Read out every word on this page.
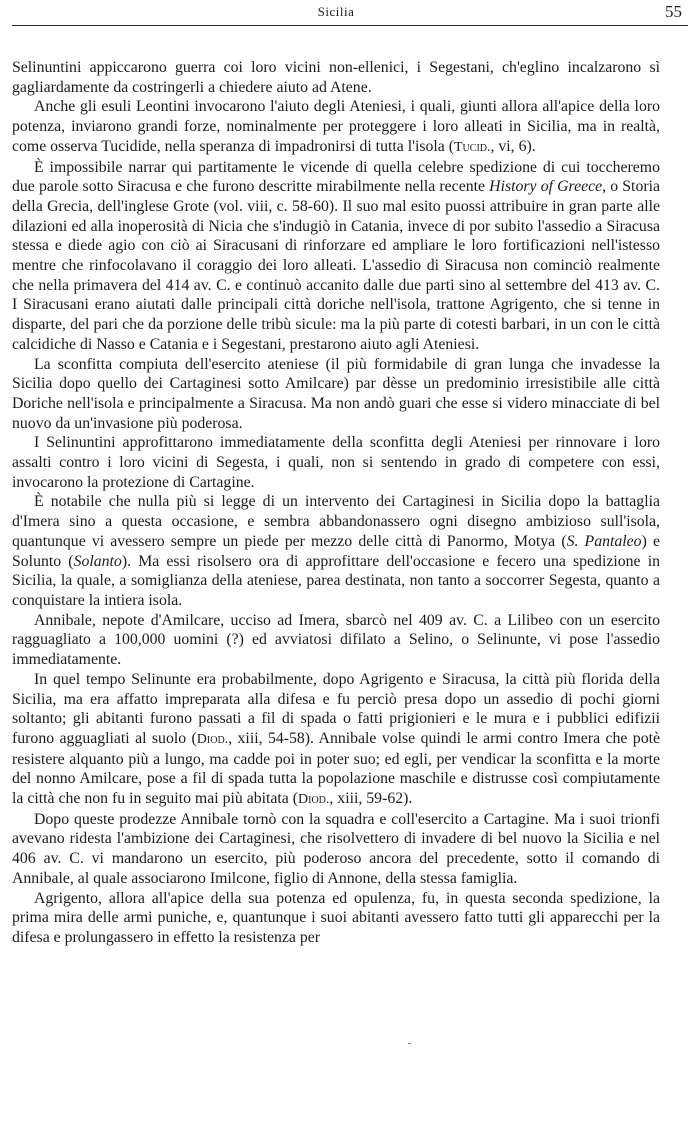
Sicilia	55

Selinuntini appiccarono guerra coi loro vicini non-ellenici, i Segestani, ch'eglino incalzarono sì gagliardamente da costringerli a chiedere aiuto ad Atene.

Anche gli esuli Leontini invocarono l'aiuto degli Ateniesi, i quali, giunti allora all'apice della loro potenza, inviarono grandi forze, nominalmente per proteggere i loro alleati in Sicilia, ma in realtà, come osserva Tucidide, nella speranza di impadronirsi di tutta l'isola (Tucid., vi, 6).

È impossibile narrar qui partitamente le vicende di quella celebre spedizione di cui toccheremo due parole sotto Siracusa e che furono descritte mirabilmente nella recente History of Greece, o Storia della Grecia, dell'inglese Grote (vol. viii, c. 58-60). Il suo mal esito puossi attribuire in gran parte alle dilazioni ed alla inoperosità di Nicia che s'indugiò in Catania, invece di por subito l'assedio a Siracusa stessa e diede agio con ciò ai Siracusani di rinforzare ed ampliare le loro fortificazioni nell'istesso mentre che rinfocolavano il coraggio dei loro alleati. L'assedio di Siracusa non cominciò realmente che nella primavera del 414 av. C. e continuò accanito dalle due parti sino al settembre del 413 av. C. I Siracusani erano aiutati dalle principali città doriche nell'isola, trattone Agrigento, che si tenne in disparte, del pari che da porzione delle tribù sicule: ma la più parte di cotesti barbari, in un con le città calcidiche di Nasso e Catania e i Segestani, prestarono aiuto agli Ateniesi.

La sconfitta compiuta dell'esercito ateniese (il più formidabile di gran lunga che invadesse la Sicilia dopo quello dei Cartaginesi sotto Amilcare) par dèsse un predominio irresistibile alle città Doriche nell'isola e principalmente a Siracusa. Ma non andò guari che esse si videro minacciate di bel nuovo da un'invasione più poderosa.

I Selinuntini approfittarono immediatamente della sconfitta degli Ateniesi per rinnovare i loro assalti contro i loro vicini di Segesta, i quali, non si sentendo in grado di competere con essi, invocarono la protezione di Cartagine.

È notabile che nulla più si legge di un intervento dei Cartaginesi in Sicilia dopo la battaglia d'Imera sino a questa occasione, e sembra abbandonassero ogni disegno ambizioso sull'isola, quantunque vi avessero sempre un piede per mezzo delle città di Panormo, Motya (S. Pantaleo) e Solunto (Solanto). Ma essi risolsero ora di approfittare dell'occasione e fecero una spedizione in Sicilia, la quale, a somiglianza della ateniese, parea destinata, non tanto a soccorrer Segesta, quanto a conquistare la intiera isola.

Annibale, nepote d'Amilcare, ucciso ad Imera, sbarcò nel 409 av. C. a Lilibeo con un esercito ragguagliato a 100,000 uomini (?) ed avviatosi difilato a Selino, o Selinunte, vi pose l'assedio immediatamente.

In quel tempo Selinunte era probabilmente, dopo Agrigento e Siracusa, la città più florida della Sicilia, ma era affatto impreparata alla difesa e fu perciò presa dopo un assedio di pochi giorni soltanto; gli abitanti furono passati a fil di spada o fatti prigionieri e le mura e i pubblici edifizii furono agguagliati al suolo (Diod., xiii, 54-58). Annibale volse quindi le armi contro Imera che potè resistere alquanto più a lungo, ma cadde poi in poter suo; ed egli, per vendicar la sconfitta e la morte del nonno Amilcare, pose a fil di spada tutta la popolazione maschile e distrusse così compiutamente la città che non fu in seguito mai più abitata (Diod., xiii, 59-62).

Dopo queste prodezze Annibale tornò con la squadra e coll'esercito a Cartagine. Ma i suoi trionfi avevano ridesta l'ambizione dei Cartaginesi, che risolvettero di invadere di bel nuovo la Sicilia e nel 406 av. C. vi mandarono un esercito, più poderoso ancora del precedente, sotto il comando di Annibale, al quale associarono Imilcone, figlio di Annone, della stessa famiglia.

Agrigento, allora all'apice della sua potenza ed opulenza, fu, in questa seconda spedizione, la prima mira delle armi puniche, e, quantunque i suoi abitanti avessero fatto tutti gli apparecchi per la difesa e prolungassero in effetto la resistenza per

-
